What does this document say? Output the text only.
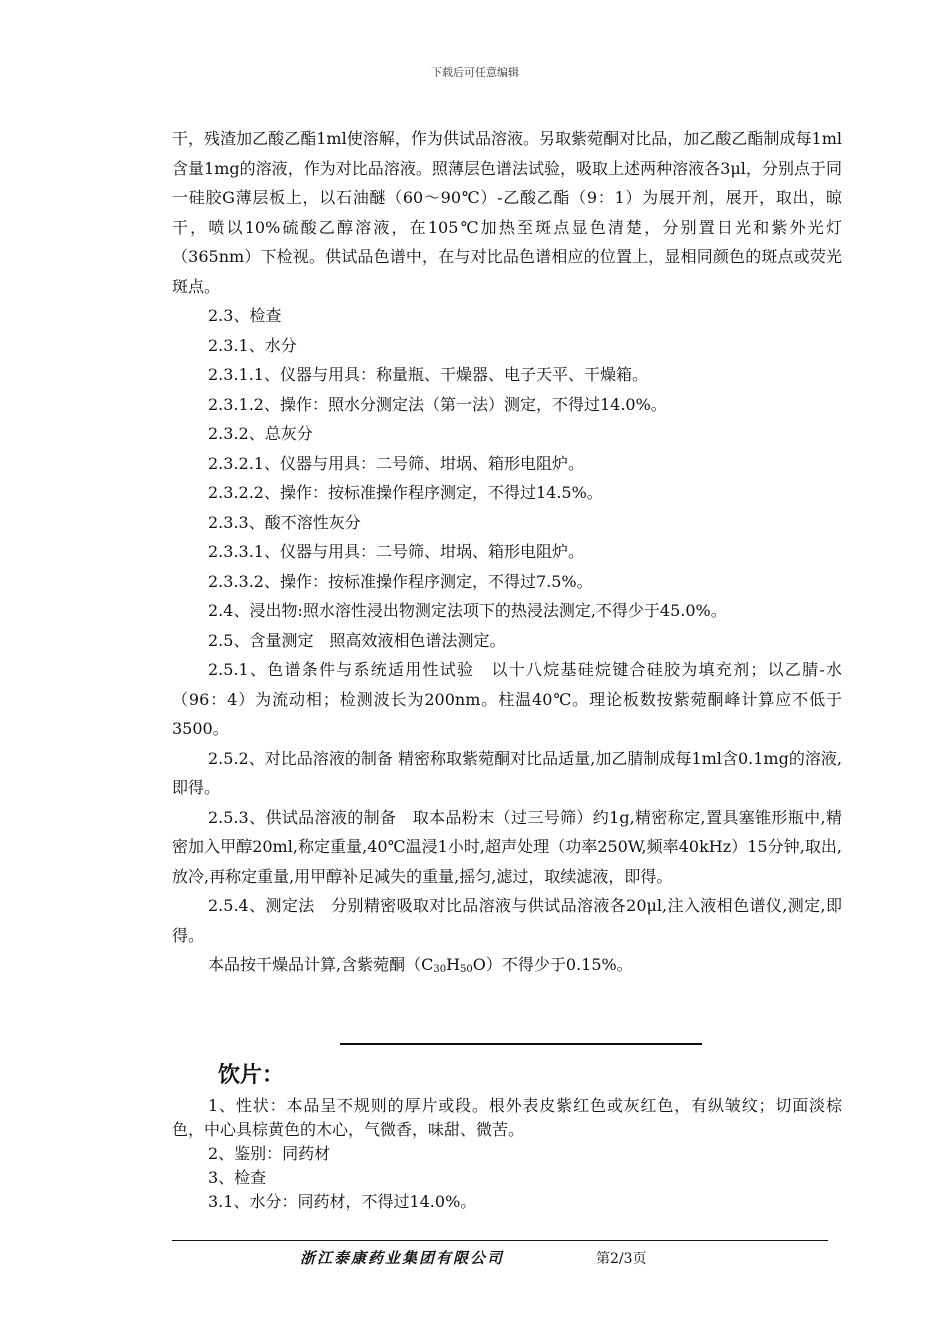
下载后可任意编辑

干，残渣加乙酸乙酯1ml使溶解，作为供试品溶液。另取紫菀酮对比品，加乙酸乙酯制成每1ml含量1mg的溶液，作为对比品溶液。照薄层色谱法试验，吸取上述两种溶液各3μl，分别点于同一硅胶G薄层板上，以石油醚（60～90℃）-乙酸乙酯（9：1）为展开剂，展开，取出，晾干，喷以10%硫酸乙醇溶液，在105℃加热至斑点显色清楚，分别置日光和紫外光灯（365nm）下检视。供试品色谱中，在与对比品色谱相应的位置上，显相同颜色的斑点或荧光斑点。

2.3、检查

2.3.1、水分

2.3.1.1、仪器与用具：称量瓶、干燥器、电子天平、干燥箱。

2.3.1.2、操作：照水分测定法（第一法）测定，不得过14.0%。

2.3.2、总灰分

2.3.2.1、仪器与用具：二号筛、坩埚、箱形电阻炉。

2.3.2.2、操作：按标准操作程序测定，不得过14.5%。

2.3.3、酸不溶性灰分

2.3.3.1、仪器与用具：二号筛、坩埚、箱形电阻炉。

2.3.3.2、操作：按标准操作程序测定，不得过7.5%。

2.4、浸出物:照水溶性浸出物测定法项下的热浸法测定,不得少于45.0%。

2.5、含量测定　照高效液相色谱法测定。

2.5.1、色谱条件与系统适用性试验　以十八烷基硅烷键合硅胶为填充剂；以乙腈-水（96：4）为流动相；检测波长为200nm。柱温40℃。理论板数按紫菀酮峰计算应不低于3500。

2.5.2、对比品溶液的制备 精密称取紫菀酮对比品适量,加乙腈制成每1ml含0.1mg的溶液,即得。

2.5.3、供试品溶液的制备　取本品粉末（过三号筛）约1g,精密称定,置具塞锥形瓶中,精密加入甲醇20ml,称定重量,40℃温浸1小时,超声处理（功率250W,频率40kHz）15分钟,取出,放冷,再称定重量,用甲醇补足减失的重量,摇匀,滤过，取续滤液，即得。

2.5.4、测定法　分别精密吸取对比品溶液与供试品溶液各20μl,注入液相色谱仪,测定,即得。

本品按干燥品计算,含紫菀酮$(C_{30}H_{50}O)$不得少于0.15%。

饮片：

1、性状：本品呈不规则的厚片或段。根外表皮紫红色或灰红色，有纵皱纹；切面淡棕色，中心具棕黄色的木心，气微香，味甜、微苦。

2、鉴别：同药材

3、检查

3.1、水分：同药材，不得过14.0%。

浙江泰康药业集团有限公司	第2/3页
